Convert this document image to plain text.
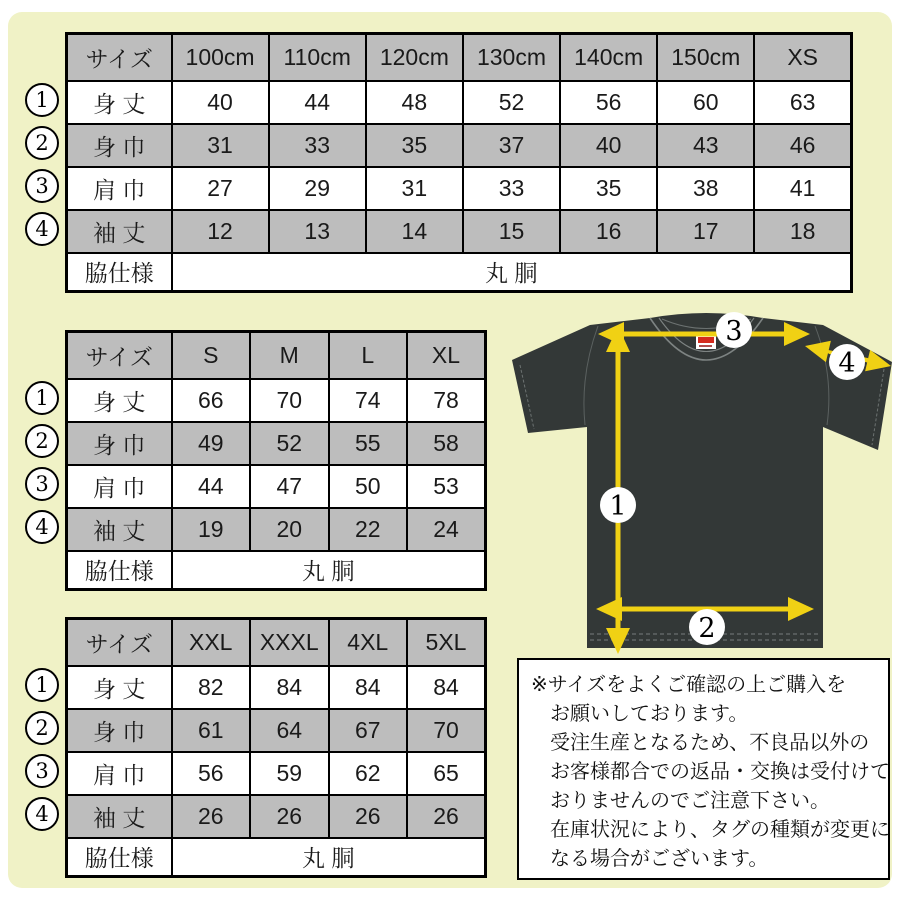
サイズ	100cm	110cm	120cm	130cm	140cm	150cm	XS
身 丈	40	44	48	52	56	60	63
身 巾	31	33	35	37	40	43	46
肩 巾	27	29	31	33	35	38	41
袖 丈	12	13	14	15	16	17	18
脇仕様	丸 胴						
サイズ	S	M	L	XL
身 丈	66	70	74	78
身 巾	49	52	55	58
肩 巾	44	47	50	53
袖 丈	19	20	22	24
脇仕様	丸 胴			
サイズ	XXL	XXXL	4XL	5XL
身 丈	82	84	84	84
身 巾	61	64	67	70
肩 巾	56	59	62	65
袖 丈	26	26	26	26
脇仕様	丸 胴			
1
2
3
4
※サイズをよくご確認の上ご購入を
お願いしております。
受注生産となるため、不良品以外の
お客様都合での返品・交換は受付けて
おりませんのでご注意下さい。
在庫状況により、タグの種類が変更に
なる場合がございます。
1
2
3
4
1
2
3
4
1
2
3
4
